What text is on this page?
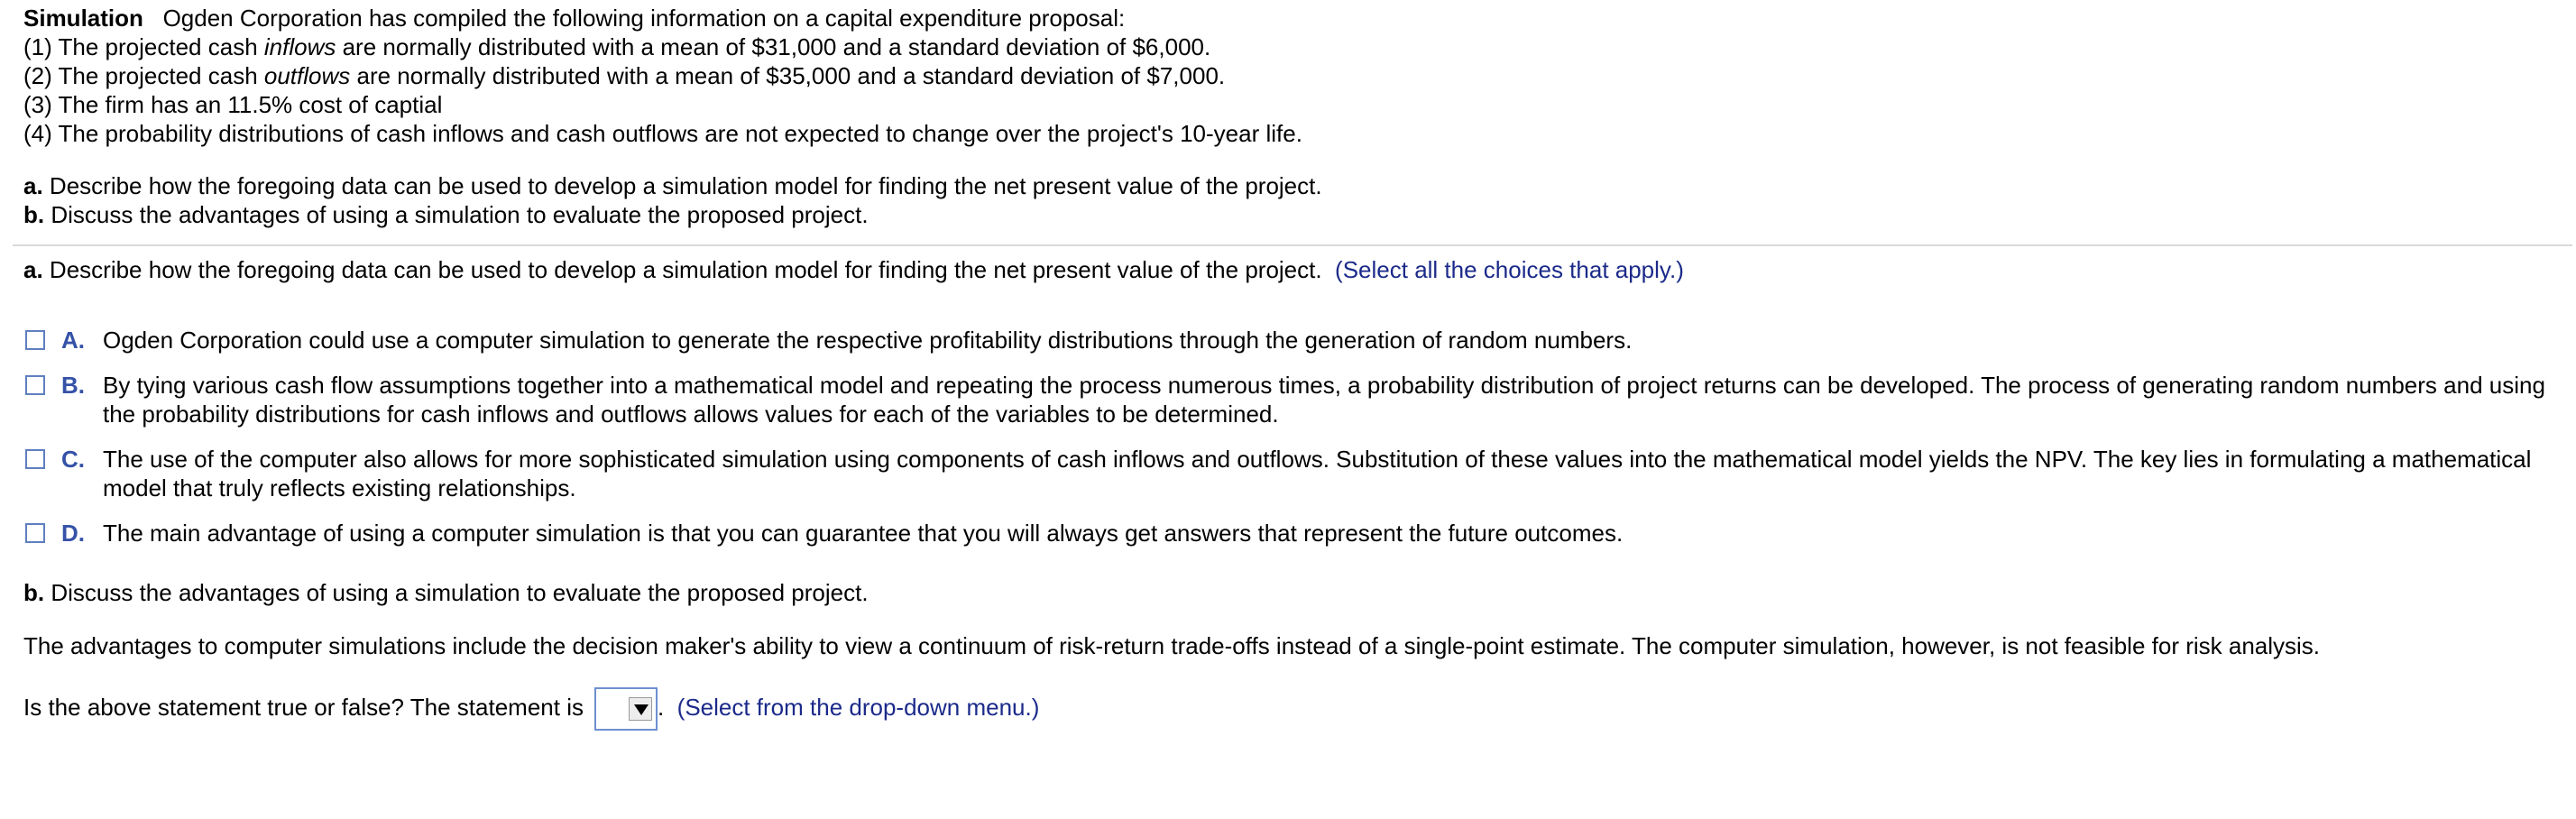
Simulation Ogden Corporation has compiled the following information on a capital expenditure proposal:
(1) The projected cash inflows are normally distributed with a mean of $31,000 and a standard deviation of $6,000.
(2) The projected cash outflows are normally distributed with a mean of $35,000 and a standard deviation of $7,000.
(3) The firm has an 11.5% cost of captial
(4) The probability distributions of cash inflows and cash outflows are not expected to change over the project's 10-year life.
a. Describe how the foregoing data can be used to develop a simulation model for finding the net present value of the project.
b. Discuss the advantages of using a simulation to evaluate the proposed project.
a. Describe how the foregoing data can be used to develop a simulation model for finding the net present value of the project. (Select all the choices that apply.)
A. Ogden Corporation could use a computer simulation to generate the respective profitability distributions through the generation of random numbers.
B. By tying various cash flow assumptions together into a mathematical model and repeating the process numerous times, a probability distribution of project returns can be developed. The process of generating random numbers and using the probability distributions for cash inflows and outflows allows values for each of the variables to be determined.
C. The use of the computer also allows for more sophisticated simulation using components of cash inflows and outflows. Substitution of these values into the mathematical model yields the NPV. The key lies in formulating a mathematical model that truly reflects existing relationships.
D. The main advantage of using a computer simulation is that you can guarantee that you will always get answers that represent the future outcomes.
b. Discuss the advantages of using a simulation to evaluate the proposed project.
The advantages to computer simulations include the decision maker's ability to view a continuum of risk-return trade-offs instead of a single-point estimate. The computer simulation, however, is not feasible for risk analysis.
Is the above statement true or false? The statement is	. (Select from the drop-down menu.)
